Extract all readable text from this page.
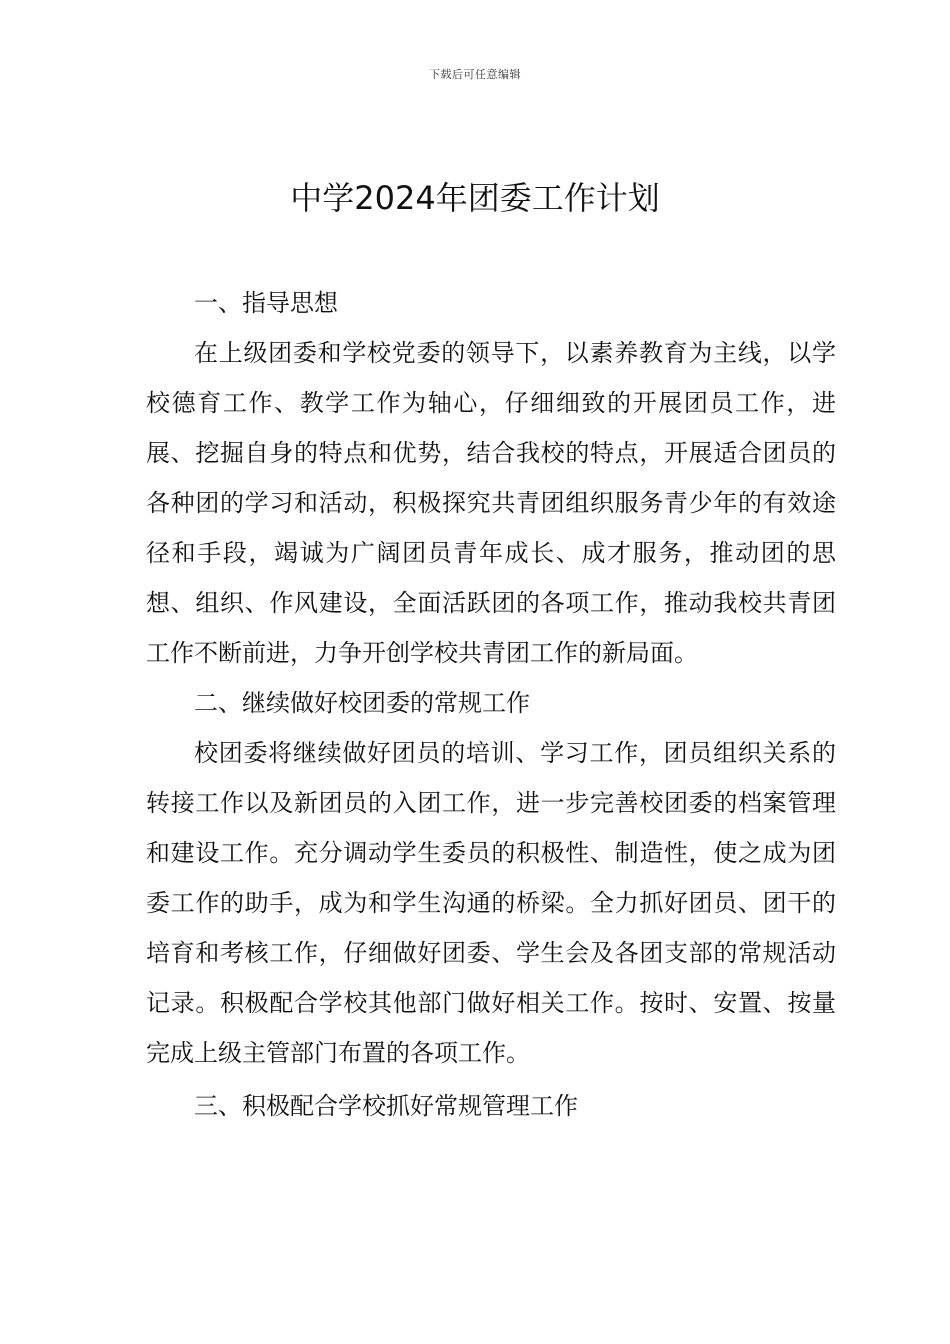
下载后可任意编辑
中学2024年团委工作计划

一、指导思想

在上级团委和学校党委的领导下，以素养教育为主线，以学校德育工作、教学工作为轴心，仔细细致的开展团员工作，进展、挖掘自身的特点和优势，结合我校的特点，开展适合团员的各种团的学习和活动，积极探究共青团组织服务青少年的有效途径和手段，竭诚为广阔团员青年成长、成才服务，推动团的思想、组织、作风建设，全面活跃团的各项工作，推动我校共青团工作不断前进，力争开创学校共青团工作的新局面。

二、继续做好校团委的常规工作

校团委将继续做好团员的培训、学习工作，团员组织关系的转接工作以及新团员的入团工作，进一步完善校团委的档案管理和建设工作。充分调动学生委员的积极性、制造性，使之成为团委工作的助手，成为和学生沟通的桥梁。全力抓好团员、团干的培育和考核工作，仔细做好团委、学生会及各团支部的常规活动记录。积极配合学校其他部门做好相关工作。按时、安置、按量完成上级主管部门布置的各项工作。

三、积极配合学校抓好常规管理工作
